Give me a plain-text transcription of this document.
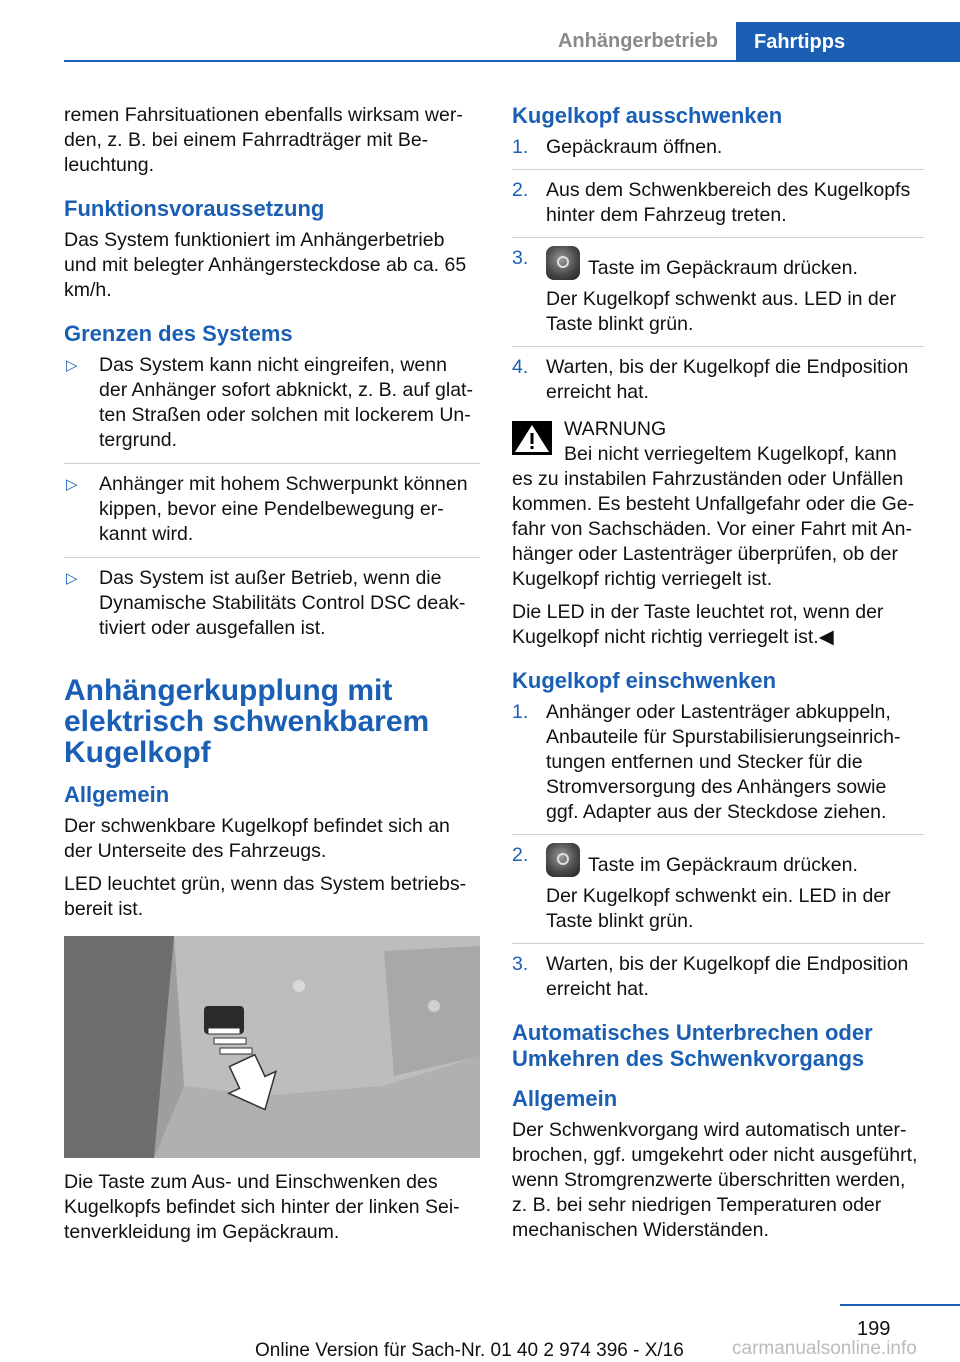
Anhängerbetrieb	Fahrtipps

remen Fahrsituationen ebenfalls wirksam werden, z. B. bei einem Fahrradträger mit Beleuchtung.

Funktionsvoraussetzung

Das System funktioniert im Anhängerbetrieb und mit belegter Anhängersteckdose ab ca. 65 km/h.

Grenzen des Systems
▷ Das System kann nicht eingreifen, wenn der Anhänger sofort abknickt, z. B. auf glatten Straßen oder solchen mit lockerem Untergrund.
▷ Anhänger mit hohem Schwerpunkt können kippen, bevor eine Pendelbewegung erkannt wird.
▷ Das System ist außer Betrieb, wenn die Dynamische Stabilitäts Control DSC deaktiviert oder ausgefallen ist.
Anhängerkupplung mit elektrisch schwenkbarem Kugelkopf
Allgemein

Der schwenkbare Kugelkopf befindet sich an der Unterseite des Fahrzeugs.

LED leuchtet grün, wenn das System betriebsbereit ist.

Die Taste zum Aus- und Einschwenken des Kugelkopfs befindet sich hinter der linken Seitenverkleidung im Gepäckraum.

Kugelkopf ausschwenken
1. Gepäckraum öffnen.
2. Aus dem Schwenkbereich des Kugelkopfs hinter dem Fahrzeug treten.
3.	Taste im Gepäckraum drücken.
Der Kugelkopf schwenkt aus. LED in der Taste blinkt grün.
4. Warten, bis der Kugelkopf die Endposition erreicht hat.

WARNUNG

Bei nicht verriegeltem Kugelkopf, kann

es zu instabilen Fahrzuständen oder Unfällen kommen. Es besteht Unfallgefahr oder die Gefahr von Sachschäden. Vor einer Fahrt mit Anhänger oder Lastenträger überprüfen, ob der Kugelkopf richtig verriegelt ist.

Die LED in der Taste leuchtet rot, wenn der Kugelkopf nicht richtig verriegelt ist.◀

Kugelkopf einschwenken
1. Anhänger oder Lastenträger abkuppeln, Anbauteile für Spurstabilisierungseinrichtungen entfernen und Stecker für die Stromversorgung des Anhängers sowie ggf. Adapter aus der Steckdose ziehen.
2.	Taste im Gepäckraum drücken.
Der Kugelkopf schwenkt ein. LED in der Taste blinkt grün.
3. Warten, bis der Kugelkopf die Endposition erreicht hat.
Automatisches Unterbrechen oder Umkehren des Schwenkvorgangs
Allgemein

Der Schwenkvorgang wird automatisch unterbrochen, ggf. umgekehrt oder nicht ausgeführt, wenn Stromgrenzwerte überschritten werden, z. B. bei sehr niedrigen Temperaturen oder mechanischen Widerständen.

199
Online Version für Sach-Nr. 01 40 2 974 396 - X/16	carmanualsonline.info
